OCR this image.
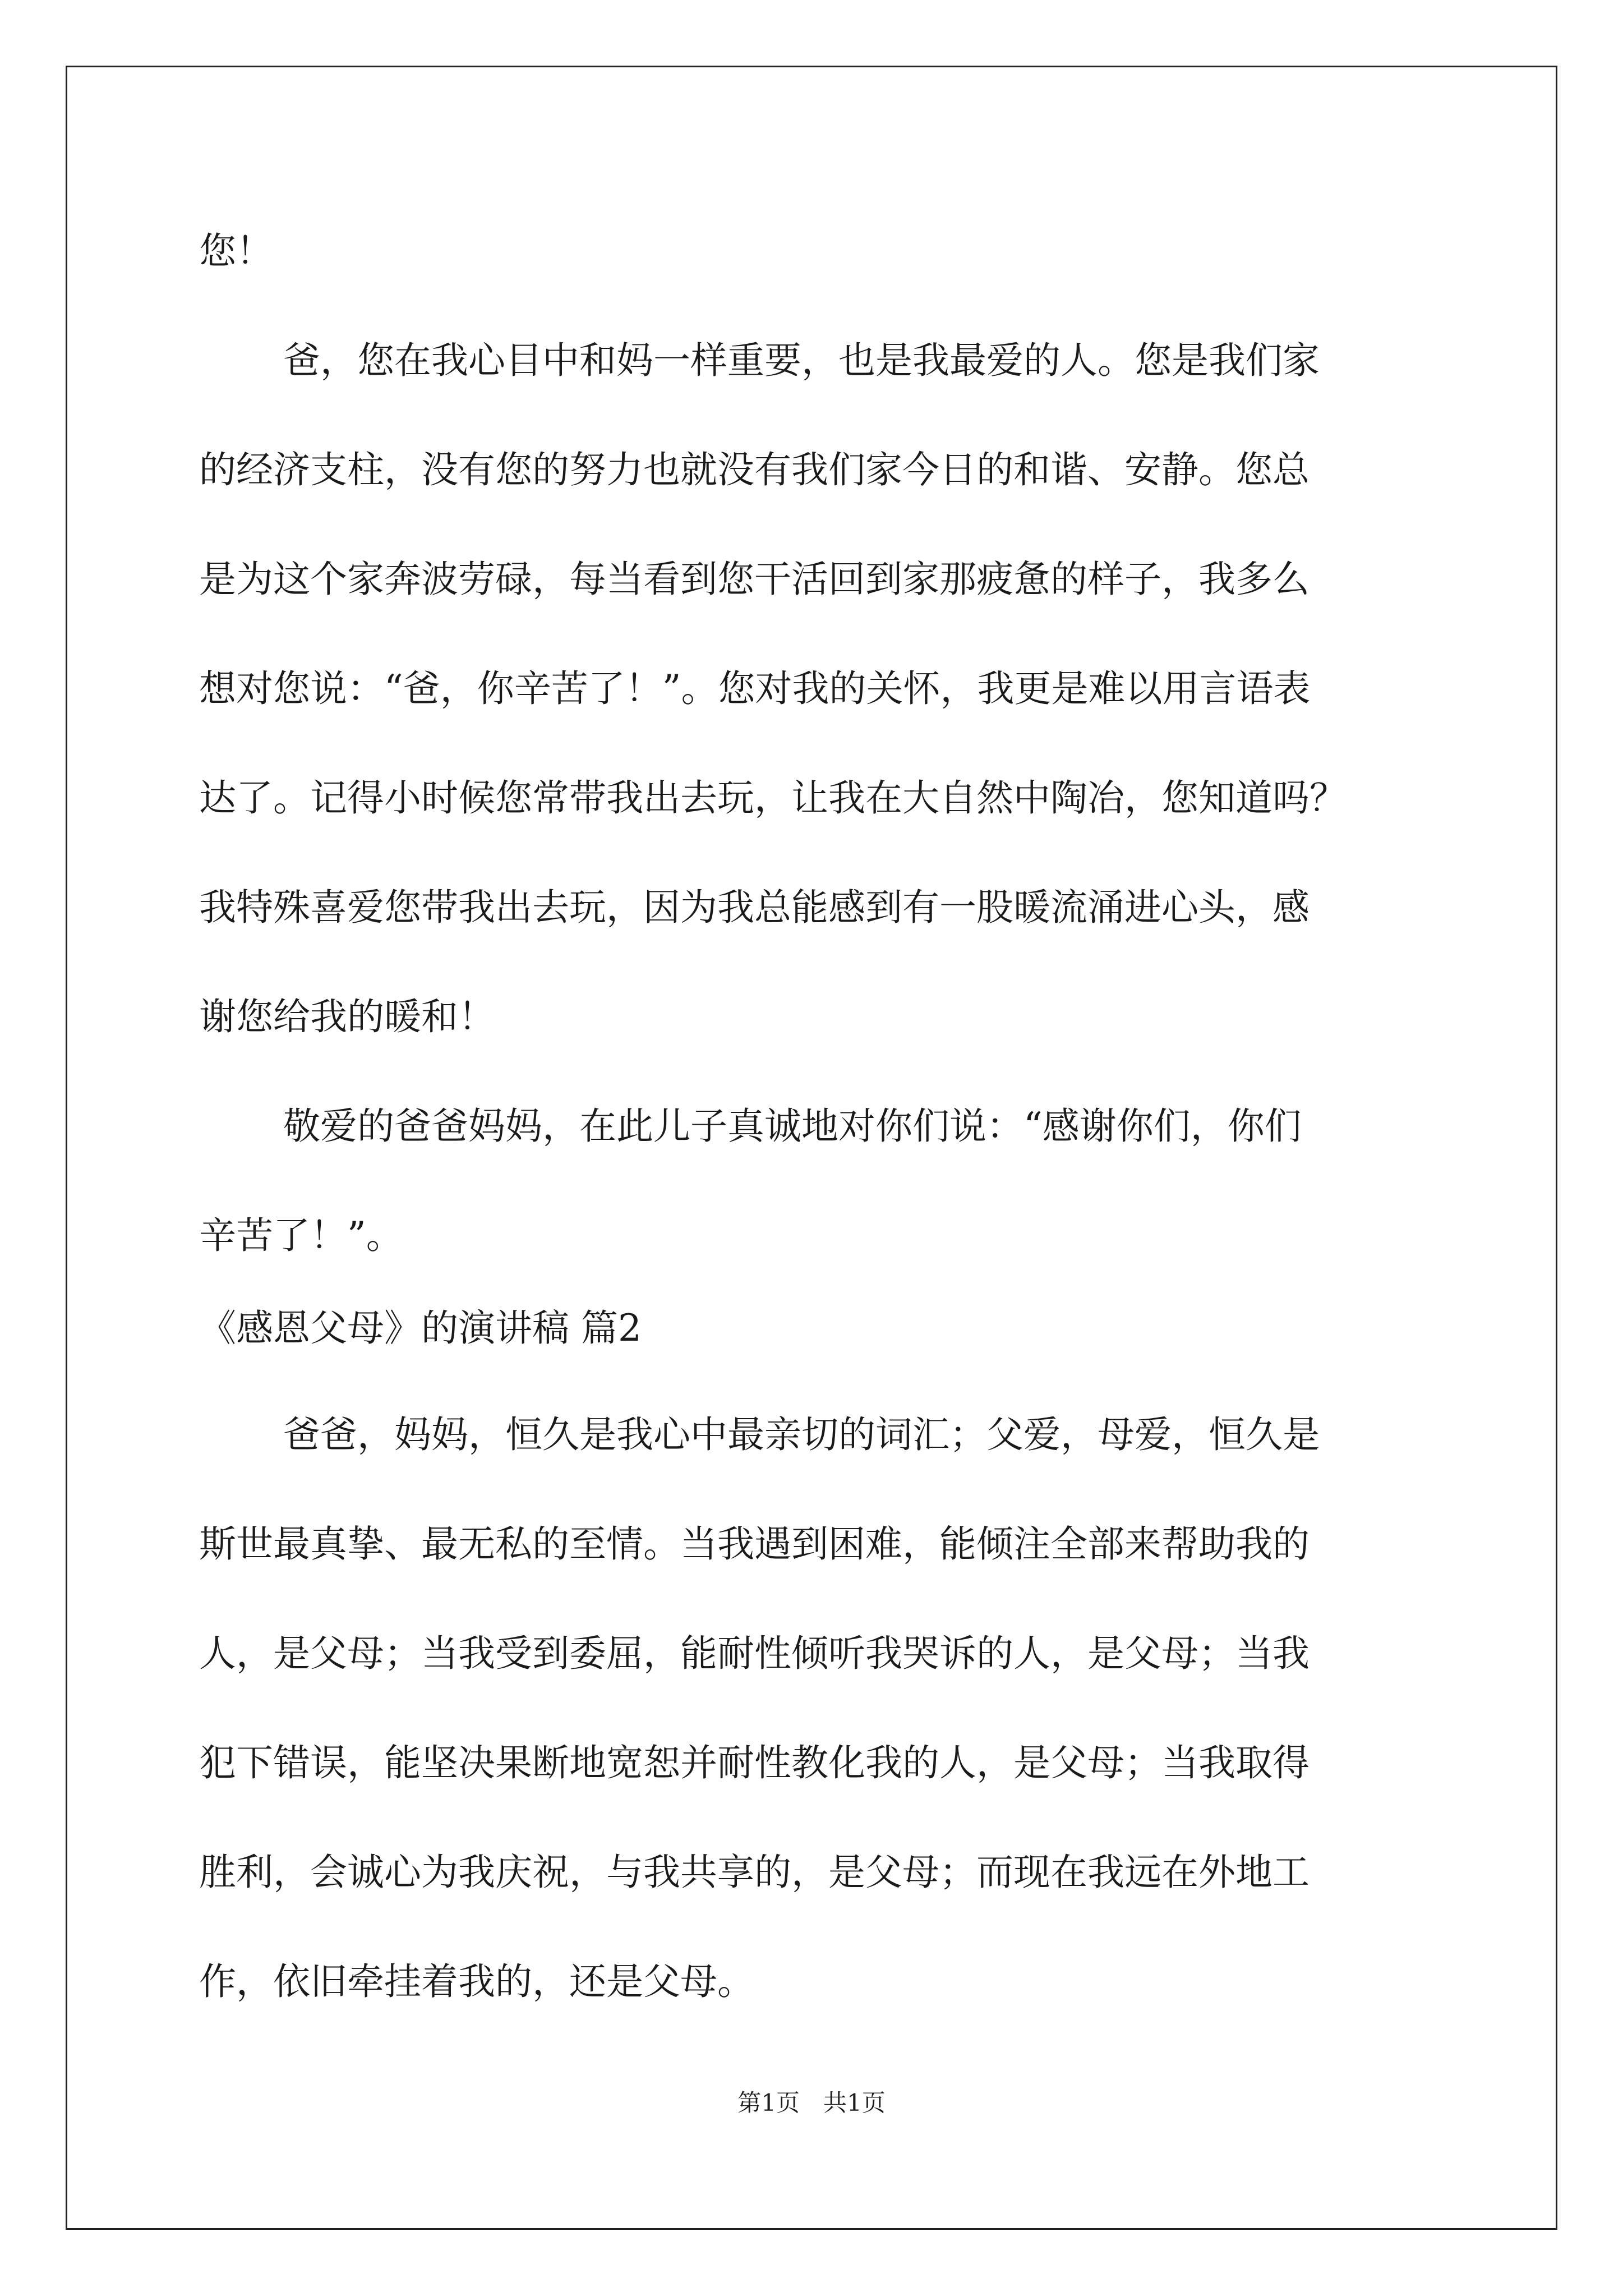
您！
爸，您在我心目中和妈一样重要，也是我最爱的人。您是我们家
的经济支柱，没有您的努力也就没有我们家今日的和谐、安静。您总
是为这个家奔波劳碌，每当看到您干活回到家那疲惫的样子，我多么
想对您说：“爸，你辛苦了！”。您对我的关怀，我更是难以用言语表
达了。记得小时候您常带我出去玩，让我在大自然中陶冶，您知道吗？
我特殊喜爱您带我出去玩，因为我总能感到有一股暖流涌进心头，感
谢您给我的暖和！
敬爱的爸爸妈妈，在此儿子真诚地对你们说：“感谢你们，你们
辛苦了！”。
《感恩父母》的演讲稿 篇2
爸爸，妈妈，恒久是我心中最亲切的词汇；父爱，母爱，恒久是
斯世最真挚、最无私的至情。当我遇到困难，能倾注全部来帮助我的
人，是父母；当我受到委屈，能耐性倾听我哭诉的人，是父母；当我
犯下错误，能坚决果断地宽恕并耐性教化我的人，是父母；当我取得
胜利，会诚心为我庆祝，与我共享的，是父母；而现在我远在外地工
作，依旧牵挂着我的，还是父母。
第1页　共1页
